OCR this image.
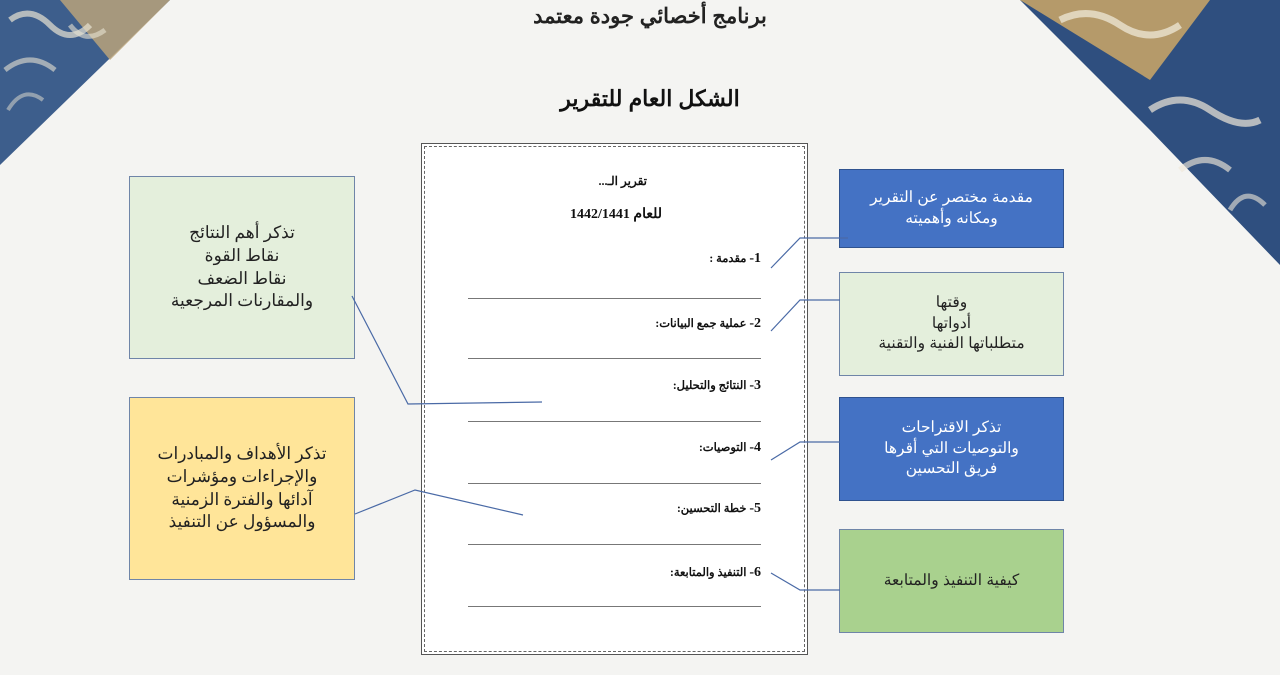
برنامج أخصائي جودة معتمد
الشكل العام للتقرير
تقرير الـ...
للعام 1442/1441
1- مقدمة :
2- عملية جمع البيانات:
3- النتائج والتحليل:
4- التوصيات:
5- خطة التحسين:
6- التنفيذ والمتابعة:
تذكر أهم النتائج
نقاط القوة
نقاط الضعف
والمقارنات المرجعية
تذكر الأهداف والمبادرات
والإجراءات ومؤشرات
آدائها والفترة الزمنية
والمسؤول عن التنفيذ
مقدمة مختصر عن التقرير
ومكانه وأهميته
وقتها
أدواتها
متطلباتها الفنية والتقنية
تذكر الاقتراحات
والتوصيات التي أقرها
فريق التحسين
كيفية التنفيذ والمتابعة
